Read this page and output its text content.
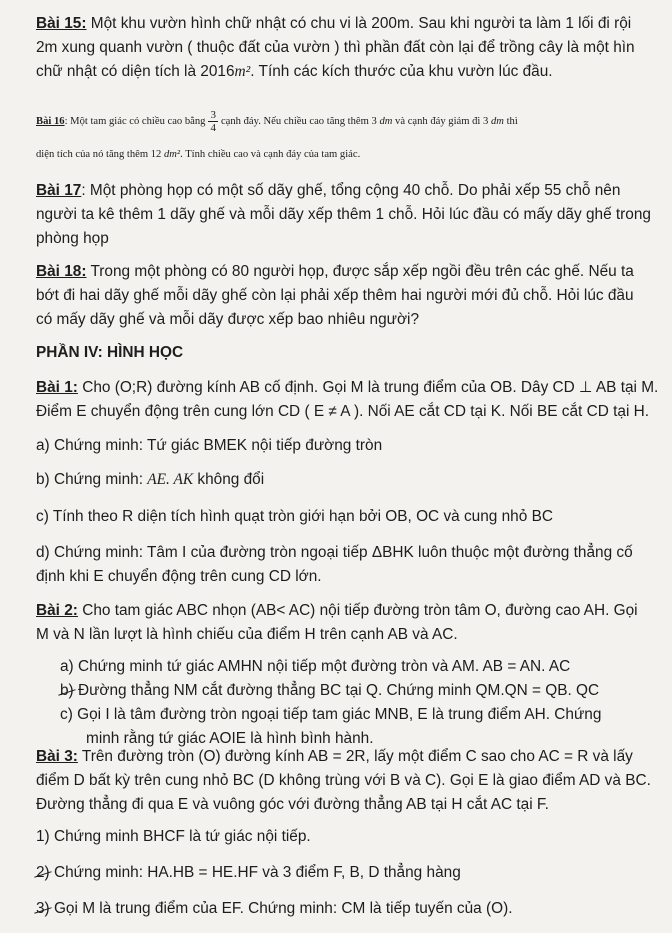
Bài 15: Một khu vườn hình chữ nhật có chu vi là 200m. Sau khi người ta làm 1 lối đi rội
2m xung quanh vườn ( thuộc đất của vườn ) thì phần đất còn lại để trồng cây là một hìn
chữ nhật có diện tích là 2016m². Tính các kích thước của khu vườn lúc đầu.
Bài 16: Một tam giác có chiều cao bằng $\frac{3}{4}$ cạnh đáy. Nếu chiều cao tăng thêm 3 dm và cạnh đáy giảm đi 3 dm thì
diện tích của nó tăng thêm 12 dm². Tính chiều cao và cạnh đáy của tam giác.
Bài 17: Một phòng họp có một số dãy ghế, tổng cộng 40 chỗ. Do phải xếp 55 chỗ nên
người ta kê thêm 1 dãy ghế và mỗi dãy xếp thêm 1 chỗ. Hỏi lúc đầu có mấy dãy ghế trong
phòng họp
Bài 18: Trong một phòng có 80 người họp, được sắp xếp ngồi đều trên các ghế. Nếu ta
bớt đi hai dãy ghế mỗi dãy ghế còn lại phải xếp thêm hai người mới đủ chỗ. Hỏi lúc đầu
có mấy dãy ghế và mỗi dãy được xếp bao nhiêu người?
PHẦN IV: HÌNH HỌC
Bài 1: Cho (O;R) đường kính AB cố định. Gọi M là trung điểm của OB. Dây CD ⊥ AB tại M.
Điểm E chuyển động trên cung lớn CD ( E ≠ A ). Nối AE cắt CD tại K. Nối BE cắt CD tại H.
a) Chứng minh: Tứ giác BMEK nội tiếp đường tròn
b) Chứng minh: AE. AK không đổi
c) Tính theo R diện tích hình quạt tròn giới hạn bởi OB, OC và cung nhỏ BC
d) Chứng minh: Tâm I của đường tròn ngoại tiếp ΔBHK luôn thuộc một đường thẳng cố
định khi E chuyển động trên cung CD lớn.
Bài 2: Cho tam giác ABC nhọn (AB< AC) nội tiếp đường tròn tâm O, đường cao AH. Gọi
M và N lần lượt là hình chiếu của điểm H trên cạnh AB và AC.
a) Chứng minh tứ giác AMHN nội tiếp một đường tròn và AM. AB = AN. AC
b) Đường thẳng NM cắt đường thẳng BC tại Q. Chứng minh QM.QN = QB. QC
c) Gọi I là tâm đường tròn ngoại tiếp tam giác MNB, E là trung điểm AH. Chứng
minh rằng tứ giác AOIE là hình bình hành.
Bài 3: Trên đường tròn (O) đường kính AB = 2R, lấy một điểm C sao cho AC = R và lấy
điểm D bất kỳ trên cung nhỏ BC (D không trùng với B và C). Gọi E là giao điểm AD và BC.
Đường thẳng đi qua E và vuông góc với đường thẳng AB tại H cắt AC tại F.
1) Chứng minh BHCF là tứ giác nội tiếp.
2) Chứng minh: HA.HB = HE.HF và 3 điểm F, B, D thẳng hàng
3) Gọi M là trung điểm của EF. Chứng minh: CM là tiếp tuyến của (O).
